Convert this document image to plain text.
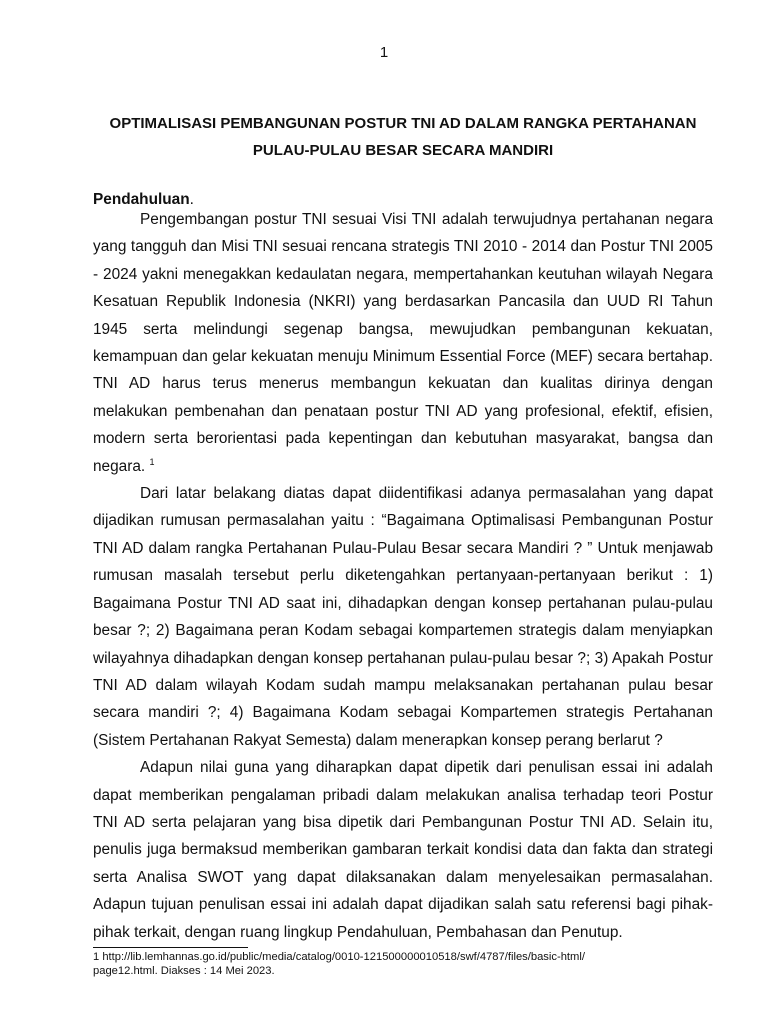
1
OPTIMALISASI PEMBANGUNAN POSTUR TNI AD DALAM RANGKA PERTAHANAN
PULAU-PULAU BESAR SECARA MANDIRI
Pendahuluan.

Pengembangan postur TNI sesuai Visi TNI adalah terwujudnya pertahanan negara yang tangguh dan Misi TNI sesuai rencana strategis TNI 2010 - 2014 dan Postur TNI 2005 - 2024 yakni menegakkan kedaulatan negara, mempertahankan keutuhan wilayah Negara Kesatuan Republik Indonesia (NKRI) yang berdasarkan Pancasila dan UUD RI Tahun 1945 serta melindungi segenap bangsa, mewujudkan pembangunan kekuatan, kemampuan dan gelar kekuatan menuju Minimum Essential Force (MEF) secara bertahap. TNI AD harus terus menerus membangun kekuatan dan kualitas dirinya dengan melakukan pembenahan dan penataan postur TNI AD yang profesional, efektif, efisien, modern serta berorientasi pada kepentingan dan kebutuhan masyarakat, bangsa dan negara. $^1$

Dari latar belakang diatas dapat diidentifikasi adanya permasalahan yang dapat dijadikan rumusan permasalahan yaitu : “Bagaimana Optimalisasi Pembangunan Postur TNI AD dalam rangka Pertahanan Pulau-Pulau Besar secara Mandiri ? ” Untuk menjawab rumusan masalah tersebut perlu diketengahkan pertanyaan-pertanyaan berikut : 1) Bagaimana Postur TNI AD saat ini, dihadapkan dengan konsep pertahanan pulau-pulau besar ?; 2) Bagaimana peran Kodam sebagai kompartemen strategis dalam menyiapkan wilayahnya dihadapkan dengan konsep pertahanan pulau-pulau besar ?; 3) Apakah Postur TNI AD dalam wilayah Kodam sudah mampu melaksanakan pertahanan pulau besar secara mandiri ?; 4) Bagaimana Kodam sebagai Kompartemen strategis Pertahanan (Sistem Pertahanan Rakyat Semesta) dalam menerapkan konsep perang berlarut ?

Adapun nilai guna yang diharapkan dapat dipetik dari penulisan essai ini adalah dapat memberikan pengalaman pribadi dalam melakukan analisa terhadap teori Postur TNI AD serta pelajaran yang bisa dipetik dari Pembangunan Postur TNI AD. Selain itu, penulis juga bermaksud memberikan gambaran terkait kondisi data dan fakta dan strategi serta Analisa SWOT yang dapat dilaksanakan dalam menyelesaikan permasalahan. Adapun tujuan penulisan essai ini adalah dapat dijadikan salah satu referensi bagi pihak-pihak terkait, dengan ruang lingkup Pendahuluan, Pembahasan dan Penutup.

1 http://lib.lemhannas.go.id/public/media/catalog/0010-121500000010518/swf/4787/files/basic-html/
page12.html. Diakses : 14 Mei 2023.
